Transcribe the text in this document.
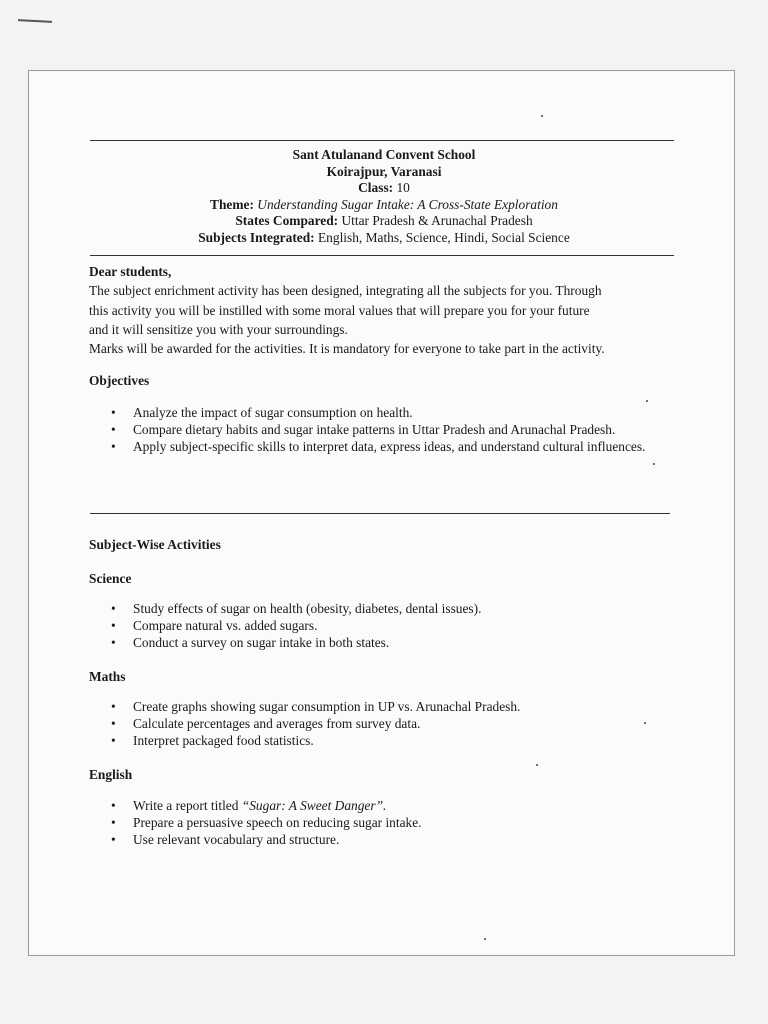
Sant Atulanand Convent School
Koirajpur, Varanasi
Class: 10
Theme: Understanding Sugar Intake: A Cross-State Exploration
States Compared: Uttar Pradesh & Arunachal Pradesh
Subjects Integrated: English, Maths, Science, Hindi, Social Science
Dear students,
The subject enrichment activity has been designed, integrating all the subjects for you. Through
this activity you will be instilled with some moral values that will prepare you for your future
and it will sensitize you with your surroundings.
Marks will be awarded for the activities. It is mandatory for everyone to take part in the activity.
Objectives
• Analyze the impact of sugar consumption on health.
• Compare dietary habits and sugar intake patterns in Uttar Pradesh and Arunachal Pradesh.
• Apply subject-specific skills to interpret data, express ideas, and understand cultural influences.
Subject-Wise Activities
Science
• Study effects of sugar on health (obesity, diabetes, dental issues).
• Compare natural vs. added sugars.
• Conduct a survey on sugar intake in both states.
Maths
• Create graphs showing sugar consumption in UP vs. Arunachal Pradesh.
• Calculate percentages and averages from survey data.
• Interpret packaged food statistics.
English
• Write a report titled “Sugar: A Sweet Danger”.
• Prepare a persuasive speech on reducing sugar intake.
• Use relevant vocabulary and structure.
